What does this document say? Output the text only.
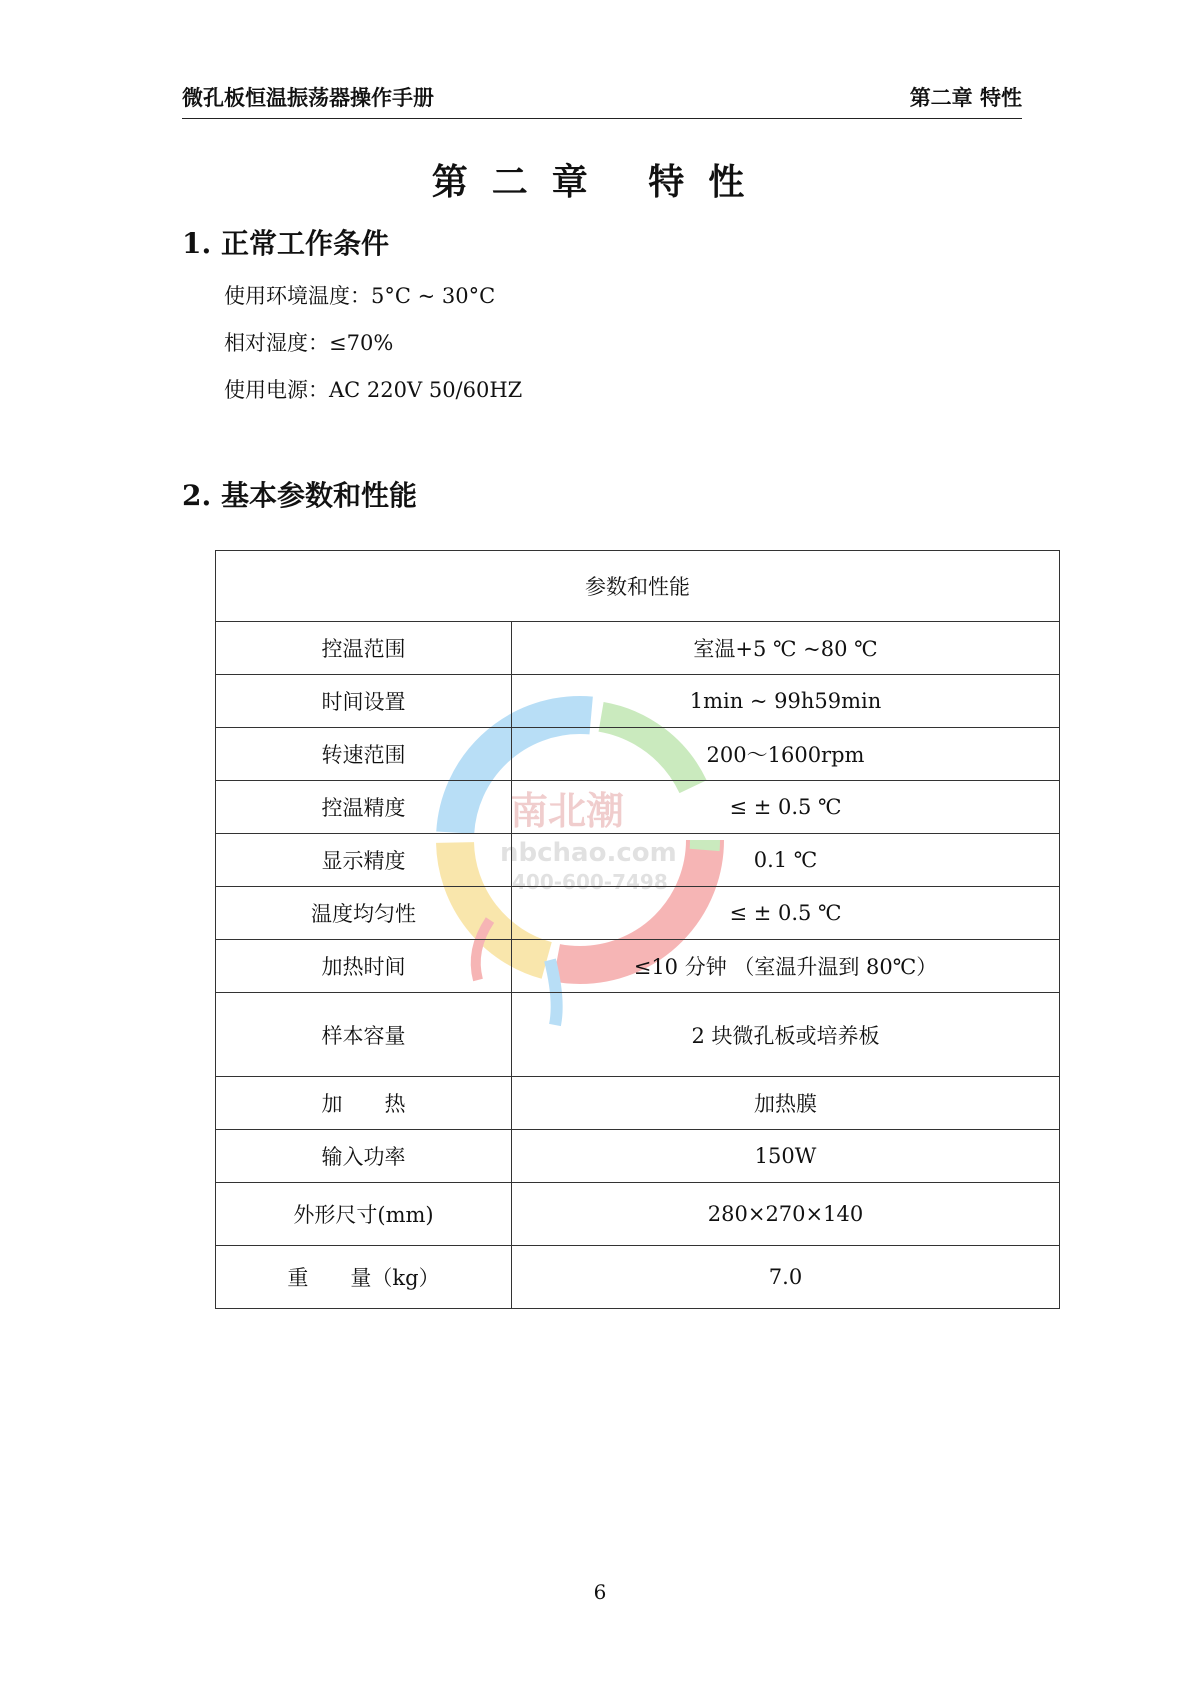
微孔板恒温振荡器操作手册	第二章 特性
第二章 特性
1. 正常工作条件
使用环境温度：5°C ~ 30°C
相对湿度：≤70%
使用电源：AC 220V 50/60HZ
2. 基本参数和性能
南北潮
nbchao.com
400-600-7498
参数和性能	
控温范围	室温+5 ℃ ~80 ℃
时间设置	1min ~ 99h59min
转速范围	200～1600rpm
控温精度	≤ ± 0.5 ℃
显示精度	0.1 ℃
温度均匀性	≤ ± 0.5 ℃
加热时间	≤10 分钟 （室温升温到 80℃）
样本容量	2 块微孔板或培养板
加　　热	加热膜
输入功率	150W
外形尺寸(mm)	280×270×140
重　　量（kg）	7.0
6
